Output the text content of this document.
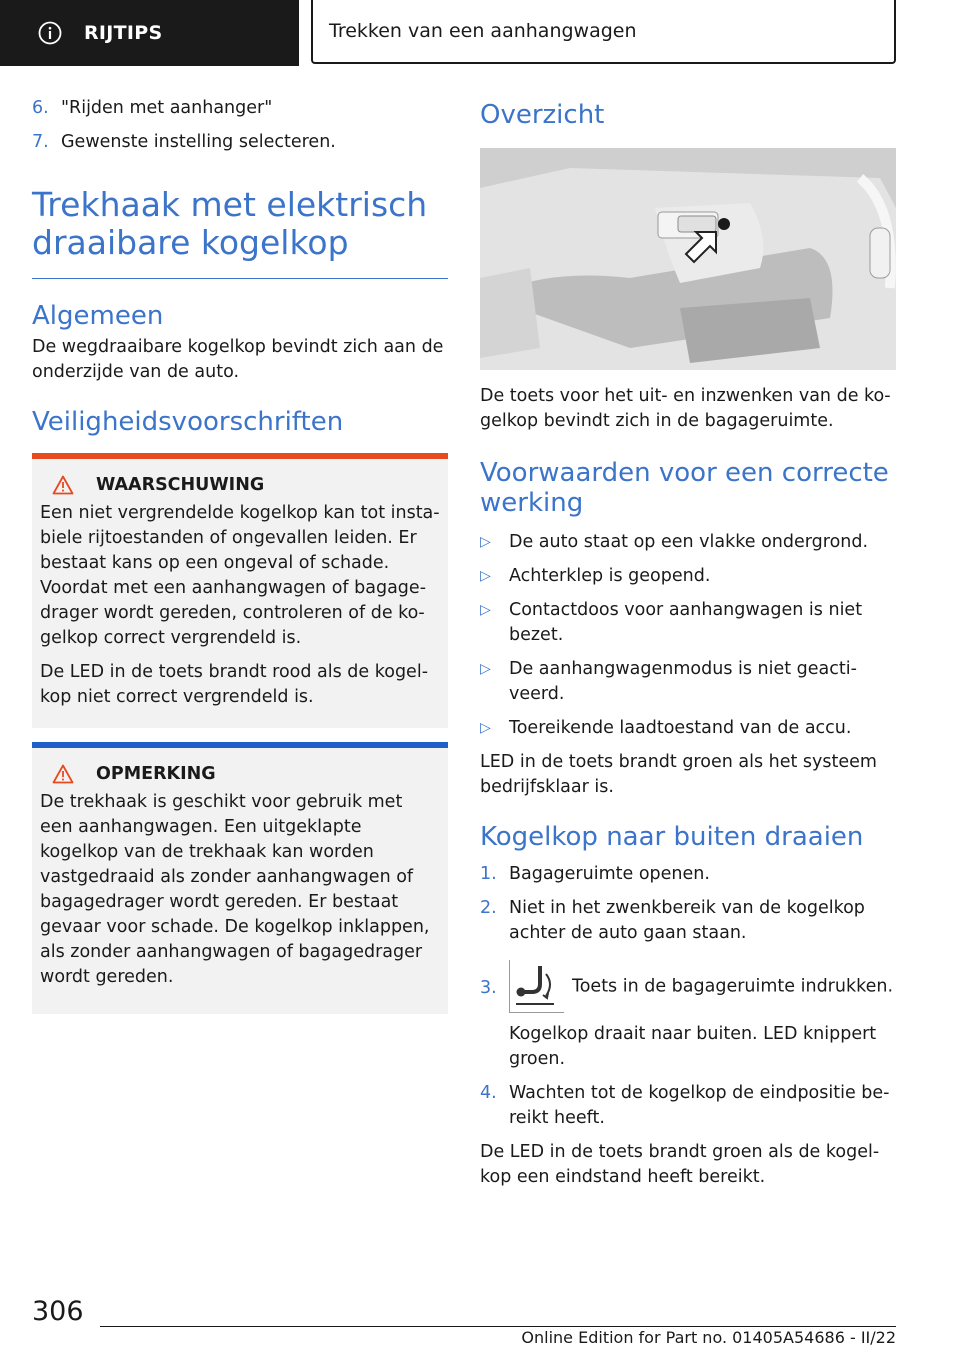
RIJTIPS	Trekken van een aanhangwagen
6. "Rijden met aanhanger"
7. Gewenste instelling selecteren.
Trekhaak met elektrisch
draaibare kogelkop
Algemeen

De wegdraaibare kogelkop bevindt zich aan de onderzijde van de auto.

Veiligheidsvoorschriften
WAARSCHUWING

Een niet vergrendelde kogelkop kan tot instabiele rijtoestanden of ongevallen leiden. Er bestaat kans op een ongeval of schade. Voordat met een aanhangwagen of bagagedrager wordt gereden, controleren of de kogelkop correct vergrendeld is.

De LED in de toets brandt rood als de kogelkop niet correct vergrendeld is.

OPMERKING

De trekhaak is geschikt voor gebruik met een aanhangwagen. Een uitgeklapte kogelkop van de trekhaak kan worden vastgedraaid als zonder aanhangwagen of bagagedrager wordt gereden. Er bestaat gevaar voor schade. De kogelkop inklappen, als zonder aanhangwagen of bagagedrager wordt gereden.

Overzicht

De toets voor het uit- en inzwenken van de kogelkop bevindt zich in de bagageruimte.

Voorwaarden voor een correcte werking
▷	De auto staat op een vlakke ondergrond.
▷	Achterklep is geopend.
▷	Contactdoos voor aanhangwagen is niet bezet.
▷	De aanhangwagenmodus is niet geactiveerd.
▷	Toereikende laadtoestand van de accu.

LED in de toets brandt groen als het systeem bedrijfsklaar is.

Kogelkop naar buiten draaien
1. Bagageruimte openen.
2. Niet in het zwenkbereik van de kogelkop achter de auto gaan staan.
3.	Toets in de bagageruimte indrukken.

Kogelkop draait naar buiten. LED knippert groen.

4. Wachten tot de kogelkop de eindpositie bereikt heeft.

De LED in de toets brandt groen als de kogelkop een eindstand heeft bereikt.

306
Online Edition for Part no. 01405A54686 - II/22
